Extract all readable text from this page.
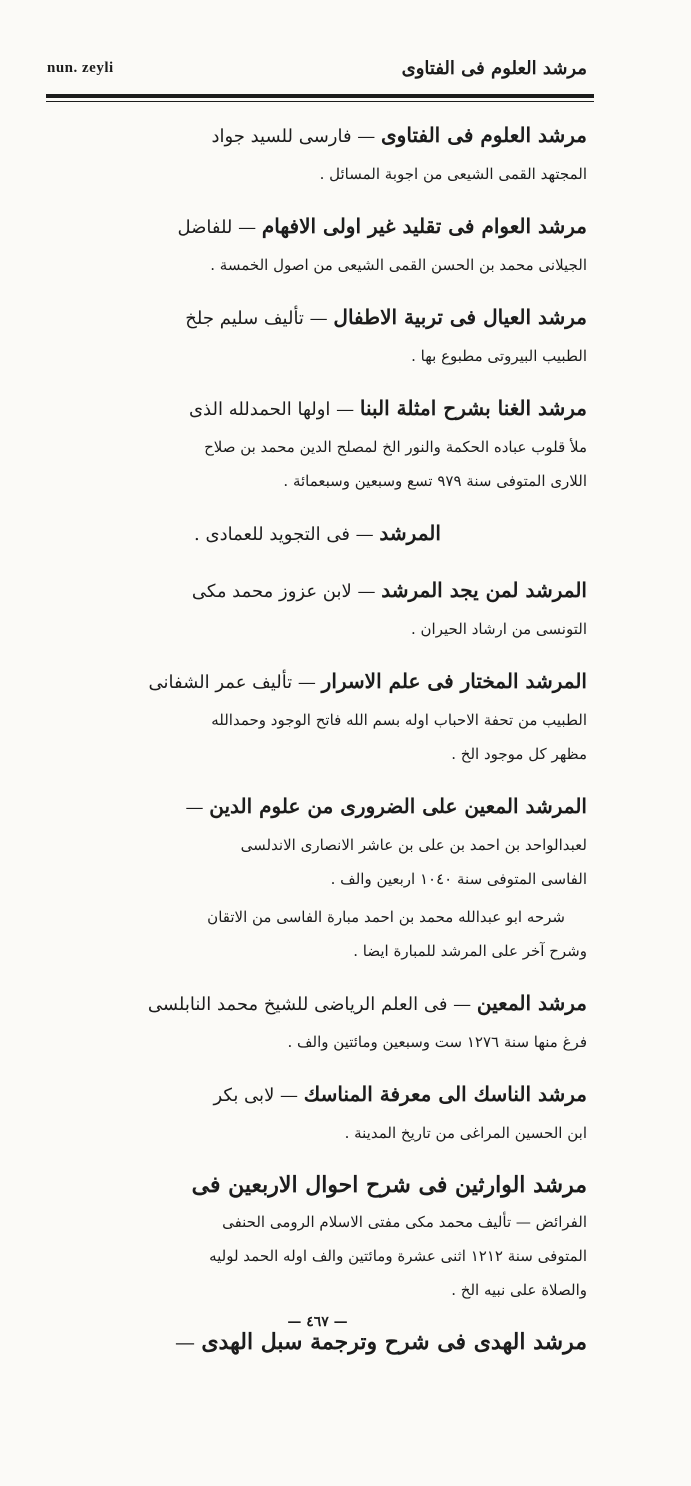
nun. zeyli	مرشد العلوم فى الفتاوى

مرشد العلوم فى الفتاوى — فارسى للسيد جواد

المجتهد القمى الشيعى من اجوبة المسائل .

مرشد العوام فى تقليد غير اولى الافهام — للفاضل

الجيلانى محمد بن الحسن القمى الشيعى من اصول الخمسة .

مرشد العيال فى تربية الاطفال — تأليف سليم جلخ

الطبيب البيروتى مطبوع بها .

مرشد الغنا بشرح امثلة البنا — اولها الحمدلله الذى

ملأ قلوب عباده الحكمة والنور الخ لمصلح الدين محمد بن صلاح

اللارى المتوفى سنة ٩٧٩ تسع وسبعين وسبعمائة .

المرشد — فى التجويد للعمادى .

المرشد لمن يجد المرشد — لابن عزوز محمد مكى

التونسى من ارشاد الحيران .

المرشد المختار فى علم الاسرار — تأليف عمر الشفانى

الطبيب من تحفة الاحباب اوله بسم الله فاتح الوجود وحمدالله

مظهر كل موجود الخ .

المرشد المعين على الضرورى من علوم الدين —

لعبدالواحد بن احمد بن على بن عاشر الانصارى الاندلسى

الفاسى المتوفى سنة ١٠٤٠ اربعين والف .

شرحه ابو عبدالله محمد بن احمد مبارة الفاسى من الاتقان

وشرح آخر على المرشد للمبارة ايضا .

مرشد المعين — فى العلم الرياضى للشيخ محمد النابلسى

فرغ منها سنة ١٢٧٦ ست وسبعين ومائتين والف .

مرشد الناسك الى معرفة المناسك — لابى بكر

ابن الحسين المراغى من تاريخ المدينة .

مرشد الوارثين فى شرح احوال الاربعين فى

الفرائض — تأليف محمد مكى مفتى الاسلام الرومى الحنفى

المتوفى سنة ١٢١٢ اثنى عشرة ومائتين والف اوله الحمد لوليه

والصلاة على نبيه الخ .

مرشد الهدى فى شرح وترجمة سبل الهدى —

— ٤٦٧ —
